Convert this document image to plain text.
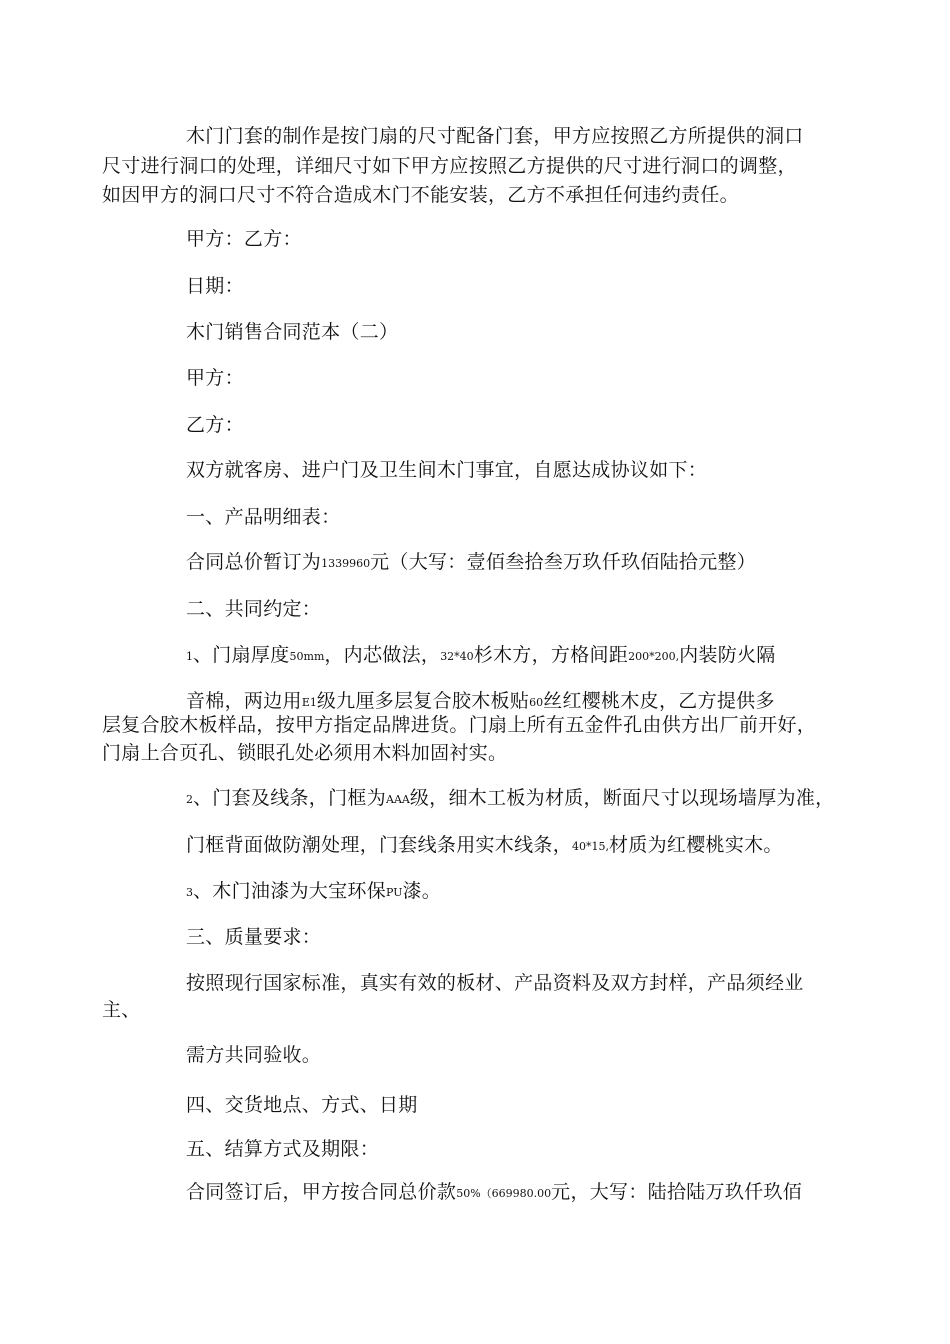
木门门套的制作是按门扇的尺寸配备门套，甲方应按照乙方所提供的洞口
尺寸进行洞口的处理，详细尺寸如下甲方应按照乙方提供的尺寸进行洞口的调整，
如因甲方的洞口尺寸不符合造成木门不能安装，乙方不承担任何违约责任。
甲方：乙方：
日期：
木门销售合同范本（二）
甲方：
乙方：
双方就客房、进户门及卫生间木门事宜，自愿达成协议如下：
一、产品明细表：
合同总价暂订为1339960元（大写：壹佰叁拾叁万玖仟玖佰陆拾元整）
二、共同约定：
1、门扇厚度50mm，内芯做法，32*40杉木方，方格间距200*200,内装防火隔
音棉，两边用E1级九厘多层复合胶木板贴60丝红樱桃木皮，乙方提供多
层复合胶木板样品，按甲方指定品牌进货。门扇上所有五金件孔由供方出厂前开好，
门扇上合页孔、锁眼孔处必须用木料加固衬实。
2、门套及线条，门框为AAA级，细木工板为材质，断面尺寸以现场墙厚为准，
门框背面做防潮处理，门套线条用实木线条，40*15,材质为红樱桃实木。
3、木门油漆为大宝环保PU漆。
三、质量要求：
按照现行国家标准，真实有效的板材、产品资料及双方封样，产品须经业
主、
需方共同验收。
四、交货地点、方式、日期
五、结算方式及期限：
合同签订后，甲方按合同总价款50%（669980.00元，大写：陆拾陆万玖仟玖佰
